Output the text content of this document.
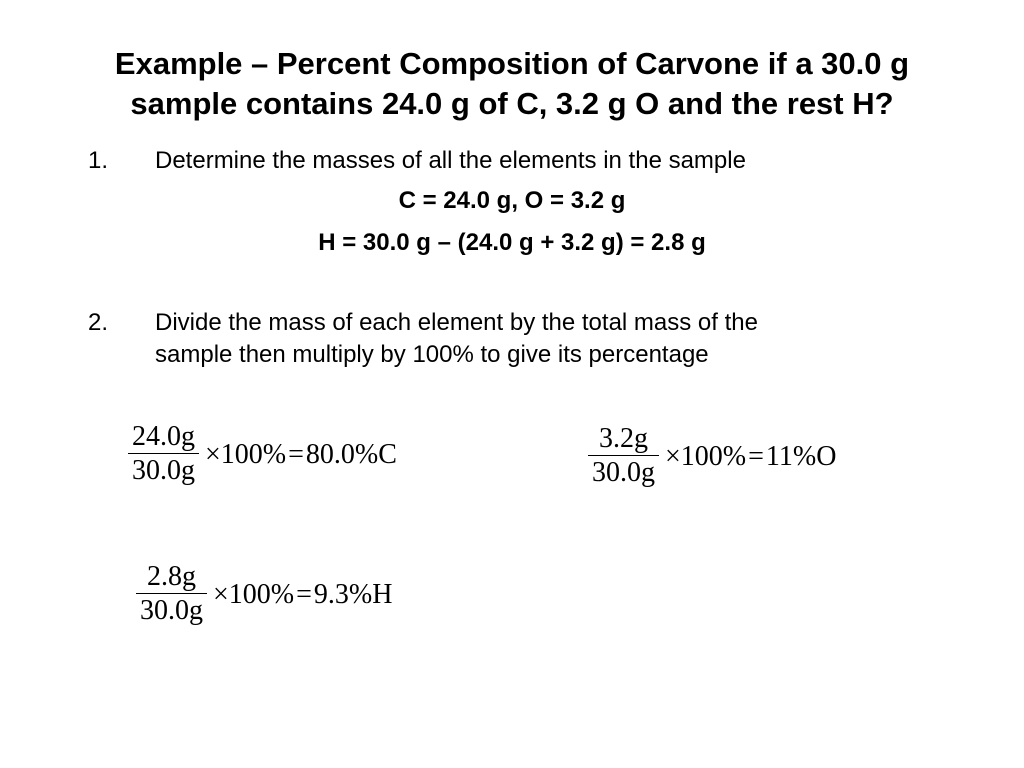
Example – Percent Composition of Carvone if a 30.0 g
sample contains 24.0 g of C, 3.2 g O and the rest H?
1. Determine the masses of all the elements in the sample
C = 24.0 g, O = 3.2 g
H = 30.0 g – (24.0 g + 3.2 g) = 2.8 g
2. Divide the mass of each element by the total mass of the
sample then multiply by 100% to give its percentage
$\frac{24.0g}{30.0g} \times 100\%=80.0\%C$	$\frac{3.2g}{30.0g} \times 100\%=11\%O$
$\frac{2.8g}{30.0g} \times 100\%=9.3\%H$
